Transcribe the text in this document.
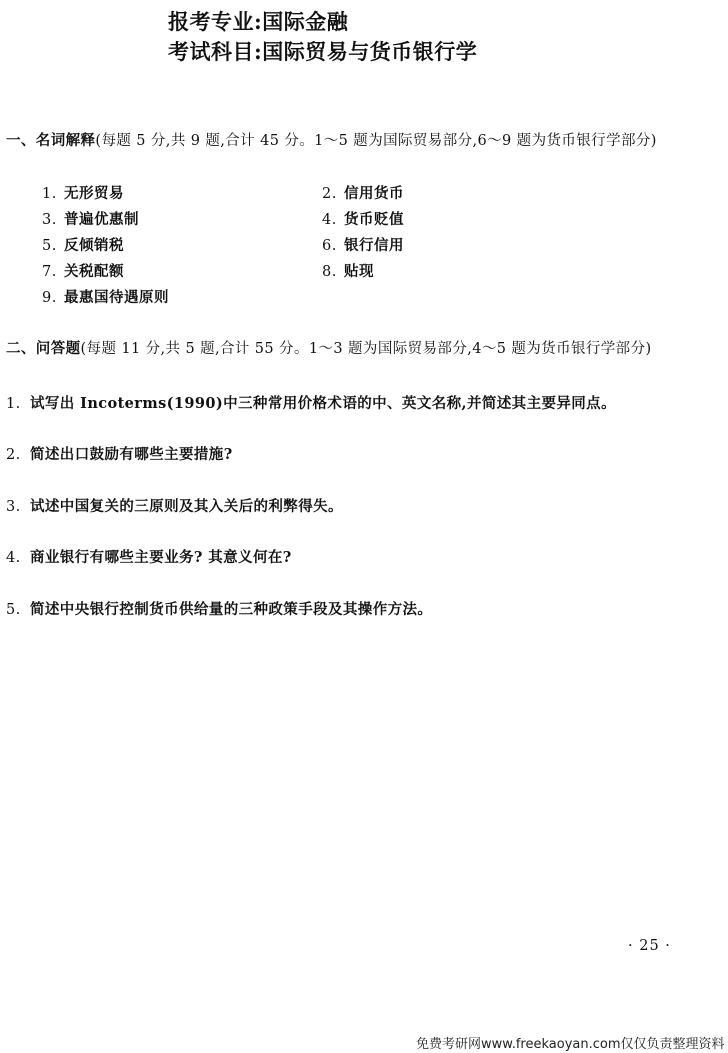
报考专业:国际金融
考试科目:国际贸易与货币银行学
一、名词解释(每题 5 分,共 9 题,合计 45 分。1～5 题为国际贸易部分,6～9 题为货币银行学部分)
1. 无形贸易	2. 信用货币
3. 普遍优惠制	4. 货币贬值
5. 反倾销税	6. 银行信用
7. 关税配额	8. 贴现
9. 最惠国待遇原则
二、问答题(每题 11 分,共 5 题,合计 55 分。1～3 题为国际贸易部分,4～5 题为货币银行学部分)
1. 试写出 Incoterms(1990)中三种常用价格术语的中、英文名称,并简述其主要异同点。
2. 简述出口鼓励有哪些主要措施?
3. 试述中国复关的三原则及其入关后的利弊得失。
4. 商业银行有哪些主要业务? 其意义何在?
5. 简述中央银行控制货币供给量的三种政策手段及其操作方法。
· 25 ·
免费考研网www.freekaoyan.com仅仅负责整理资料
